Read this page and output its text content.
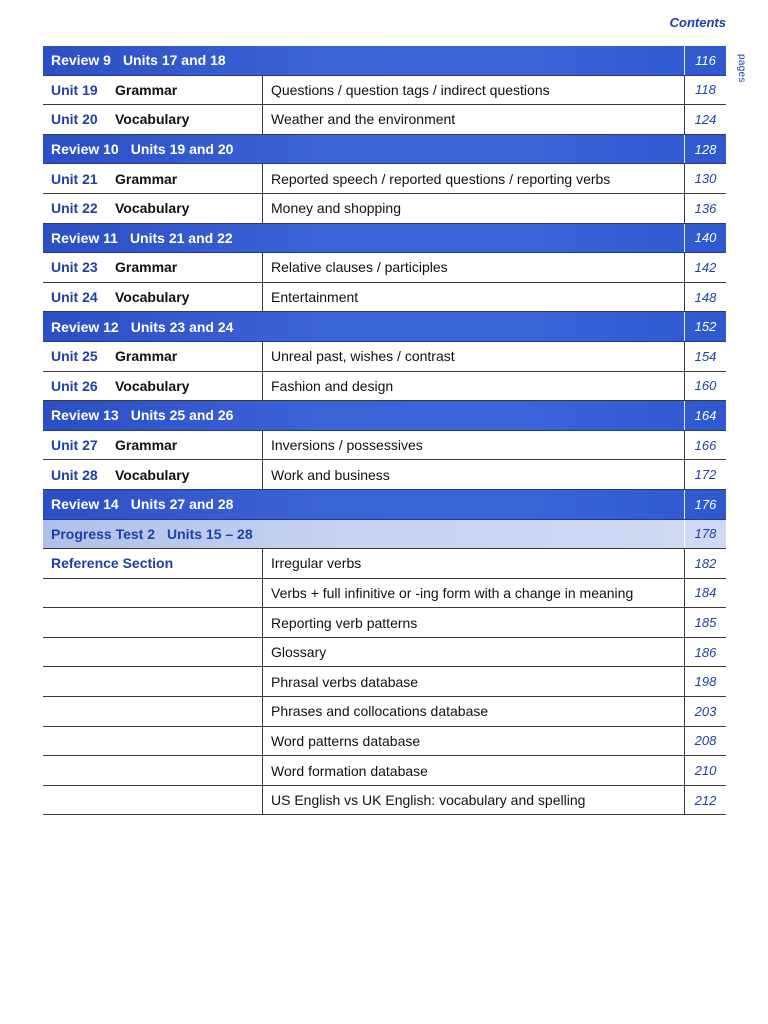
Contents
pages
Review 9 Units 17 and 18	116
Unit 19	Grammar	Questions / question tags / indirect questions	118
Unit 20	Vocabulary	Weather and the environment	124
Review 10 Units 19 and 20	128
Unit 21	Grammar	Reported speech / reported questions / reporting verbs	130
Unit 22	Vocabulary	Money and shopping	136
Review 11 Units 21 and 22	140
Unit 23	Grammar	Relative clauses / participles	142
Unit 24	Vocabulary	Entertainment	148
Review 12 Units 23 and 24	152
Unit 25	Grammar	Unreal past, wishes / contrast	154
Unit 26	Vocabulary	Fashion and design	160
Review 13 Units 25 and 26	164
Unit 27	Grammar	Inversions / possessives	166
Unit 28	Vocabulary	Work and business	172
Review 14 Units 27 and 28	176
Progress Test 2 Units 15 – 28	178
Reference Section	Irregular verbs	182
Verbs + full infinitive or -ing form with a change in meaning	184
Reporting verb patterns	185
Glossary	186
Phrasal verbs database	198
Phrases and collocations database	203
Word patterns database	208
Word formation database	210
US English vs UK English: vocabulary and spelling	212
